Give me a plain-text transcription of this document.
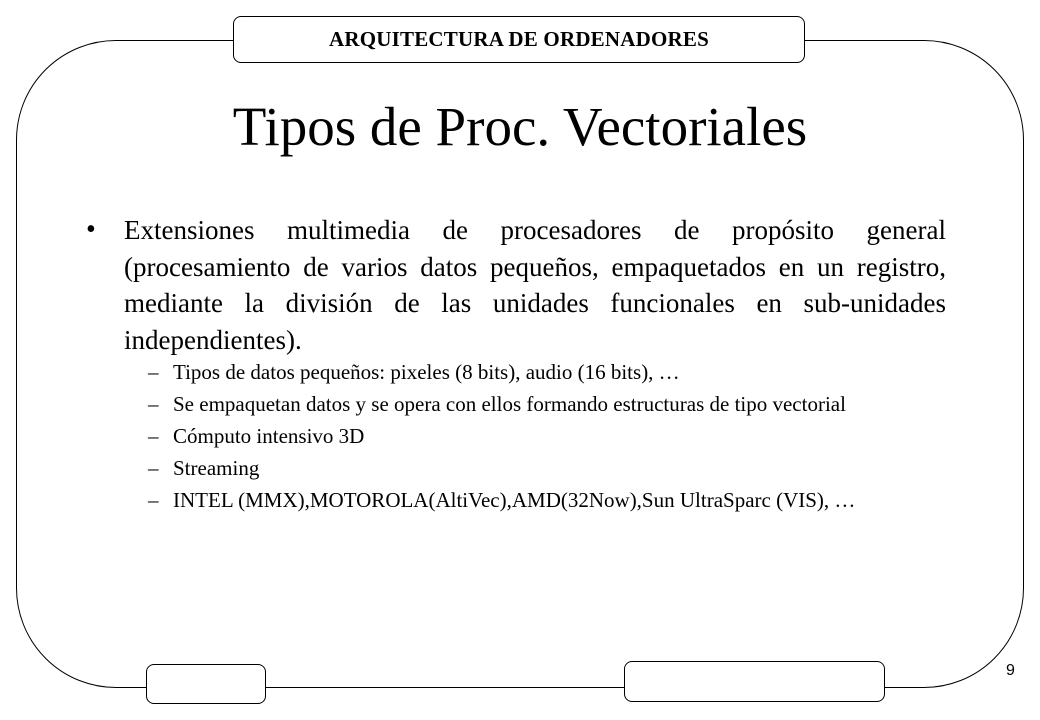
ARQUITECTURA DE ORDENADORES
Tipos de Proc. Vectoriales
•	Extensiones multimedia de procesadores de propósito general (procesamiento de varios datos pequeños, empaquetados en un registro, mediante la división de las unidades funcionales en sub-unidades independientes).
– Tipos de datos pequeños: pixeles (8 bits), audio (16 bits), …
– Se empaquetan datos y se opera con ellos formando estructuras de tipo vectorial
– Cómputo intensivo 3D
– Streaming
– INTEL (MMX),MOTOROLA(AltiVec),AMD(32Now),Sun UltraSparc (VIS), …
9
